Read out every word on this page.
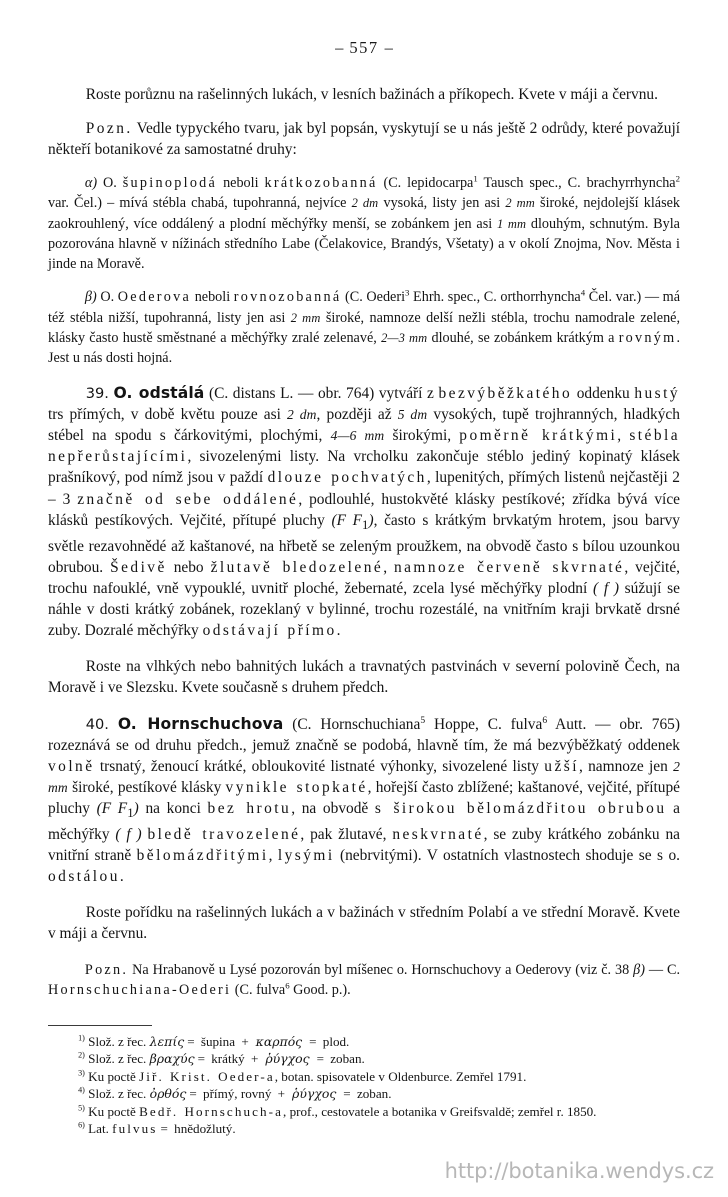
– 557 –

Roste porůznu na rašelinných lukách, v lesních bažinách a příkopech. Kvete v máji a červnu.

Pozn. Vedle typyckého tvaru, jak byl popsán, vyskytují se u nás ještě 2 odrůdy, které považují někteří botanikové za samostatné druhy:

α) O. šupinoplodá neboli krátkozobanná (C. lepidocarpa$^1$ Tausch spec., C. brachyrrhyncha$^2$ var. Čel.) – mívá stébla chabá, tupohranná, nejvíce 2 dm vysoká, listy jen asi 2 mm široké, nejdolejší klásek zaokrouhlený, více oddálený a plodní měchýřky menší, se zobánkem jen asi 1 mm dlouhým, schnutým. Byla pozorována hlavně v nížinách středního Labe (Čelakovice, Brandýs, Všetaty) a v okolí Znojma, Nov. Města i jinde na Moravě.

β) O. Oederova neboli rovnozobanná (C. Oederi$^3$ Ehrh. spec., C. orthorrhyncha$^4$ Čel. var.) — má též stébla nižší, tupohranná, listy jen asi 2 mm široké, namnoze delší nežli stébla, trochu namodrale zelené, klásky často hustě směstnané a měchýřky zralé zelenavé, 2—3 mm dlouhé, se zobánkem krátkým a rovným. Jest u nás dosti hojná.

39. O. odstálá (C. distans L. — obr. 764) vytváří z bezvýběžkatého oddenku hustý trs přímých, v době květu pouze asi 2 dm, později až 5 dm vysokých, tupě trojhranných, hladkých stébel na spodu s čárkovitými, plochými, 4—6 mm širokými, poměrně krátkými, stébla nepřerůstajícími, sivozelenými listy. Na vrcholku zakončuje stéblo jediný kopinatý klásek prašníkový, pod nímž jsou v paždí dlouze pochvatých, lupenitých, přímých listenů nejčastěji 2 – 3 značně od sebe oddálené, podlouhlé, hustokvěté klásky pestíkové; zřídka bývá více klásků pestíkových. Vejčité, přítupé pluchy (F $F_1$), často s krátkým brvkatým hrotem, jsou barvy světle rezavohnědé až kaštanové, na hřbetě se zeleným proužkem, na obvodě často s bílou uzounkou obrubou. Šedivě nebo žlutavě bledozelené, namnoze červeně skvrnaté, vejčité, trochu nafouklé, vně vypouklé, uvnitř ploché, žebernaté, zcela lysé měchýřky plodní ( f ) súžují se náhle v dosti krátký zobánek, rozeklaný v bylinné, trochu rozestálé, na vnitřním kraji brvkatě drsné zuby. Dozralé měchýřky odstávají přímo.

Roste na vlhkých nebo bahnitých lukách a travnatých pastvinách v severní polovině Čech, na Moravě i ve Slezsku. Kvete současně s druhem předch.

40. O. Hornschuchova (C. Hornschuchiana$^5$ Hoppe, C. fulva$^6$ Autt. — obr. 765) rozeznává se od druhu předch., jemuž značně se podobá, hlavně tím, že má bezvýběžkatý oddenek volně trsnatý, ženoucí krátké, obloukovité listnaté výhonky, sivozelené listy užší, namnoze jen 2 mm široké, pestíkové klásky vynikle stopkaté, hořejší často zblížené; kaštanové, vejčité, přítupé pluchy (F $F_1$) na konci bez hrotu, na obvodě s širokou bělomázdřitou obrubou a měchýřky ( f ) bledě travozelené, pak žlutavé, neskvrnaté, se zuby krátkého zobánku na vnitřní straně bělomázdřitými, lysými (nebrvitými). V ostatních vlastnostech shoduje se s o. odstálou.

Roste pořídku na rašelinných lukách a v bažinách v středním Polabí a ve střední Moravě. Kvete v máji a červnu.

Pozn. Na Hrabanově u Lysé pozorován byl míšenec o. Hornschuchovy a Oederovy (viz č. 38 β) — C. Hornschuchiana-Oederi (C. fulva$^6$ Good. p.).

$^{1)}$ Slož. z řec. λεπίς = šupina + καρπός = plod.

$^{2)}$ Slož. z řec. βραχύς = krátký + ῥύγχος = zoban.

$^{3)}$ Ku poctě Jiř. Krist. Oeder-a, botan. spisovatele v Oldenburce. Zemřel 1791.

$^{4)}$ Slož. z řec. ὀρθός = přímý, rovný + ῥύγχος = zoban.

$^{5)}$ Ku poctě Bedř. Hornschuch-a, prof., cestovatele a botanika v Greifsvaldě; zemřel r. 1850.

$^{6)}$ Lat. fulvus = hnědožlutý.

http://botanika.wendys.cz
